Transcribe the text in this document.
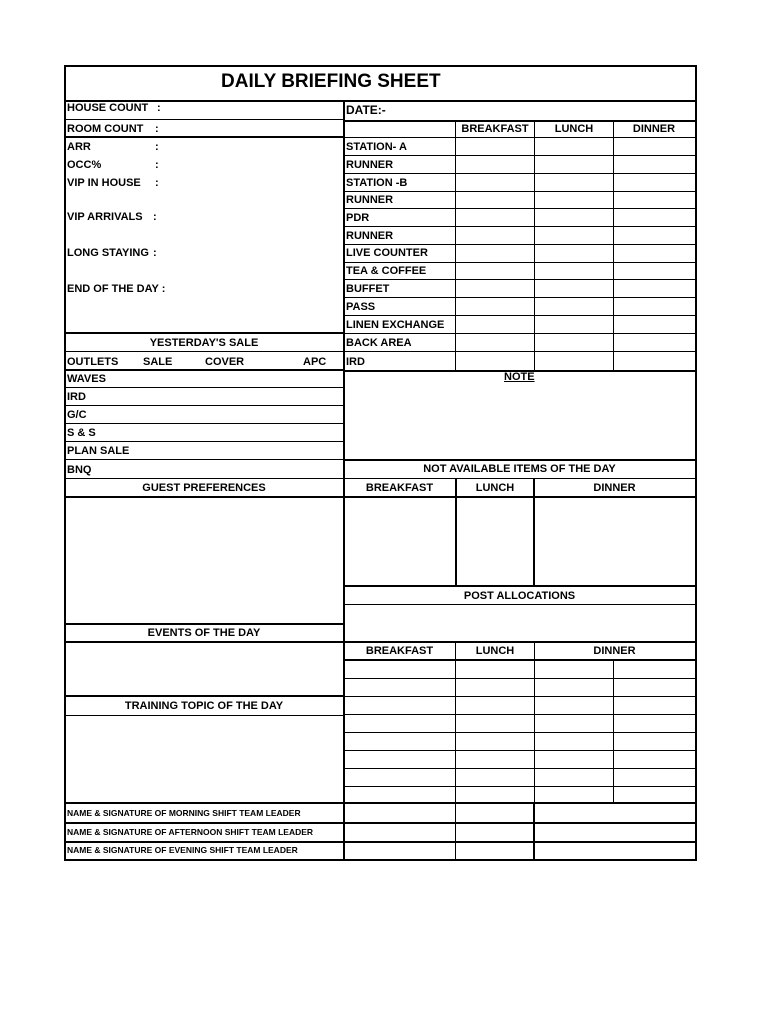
DAILY BRIEFING SHEET
HOUSE COUNT :
ROOM COUNT :
ARR	:
OCC%	:
VIP IN HOUSE :
VIP ARRIVALS :
LONG STAYING :
END OF THE DAY :
DATE:-
BREAKFAST	LUNCH	DINNER
STATION- A
RUNNER
STATION -B
RUNNER
PDR
RUNNER
LIVE COUNTER
TEA & COFFEE
BUFFET
PASS
LINEN EXCHANGE
BACK AREA
IRD
YESTERDAY'S SALE
OUTLETS SALE	COVER	APC
WAVES
IRD
G/C
S & S
PLAN SALE
BNQ
NOTE
NOT AVAILABLE ITEMS OF THE DAY
BREAKFAST	LUNCH	DINNER
GUEST PREFERENCES
POST ALLOCATIONS
BREAKFAST	LUNCH	DINNER
EVENTS OF THE DAY
TRAINING TOPIC OF THE DAY
NAME & SIGNATURE OF MORNING SHIFT TEAM LEADER
NAME & SIGNATURE OF AFTERNOON SHIFT TEAM LEADER
NAME & SIGNATURE OF EVENING SHIFT TEAM LEADER
